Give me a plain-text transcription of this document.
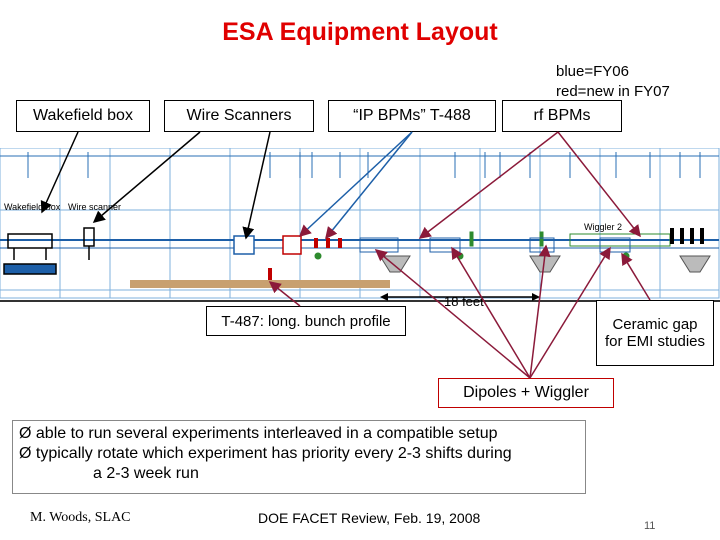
ESA Equipment Layout
blue=FY06
red=new in FY07
Wakefield box	Wire Scanners	“IP BPMs” T-488	rf BPMs
Wakefield box Wire scanner
Wiggler 2
18 feet
T-487: long. bunch profile	Ceramic gap
for EMI studies
Dipoles + Wiggler
Ø able to run several experiments interleaved in a compatible setup
Ø typically rotate which experiment has priority every 2-3 shifts during
a 2-3 week run
M. Woods, SLAC	DOE FACET Review, Feb. 19, 2008	11
